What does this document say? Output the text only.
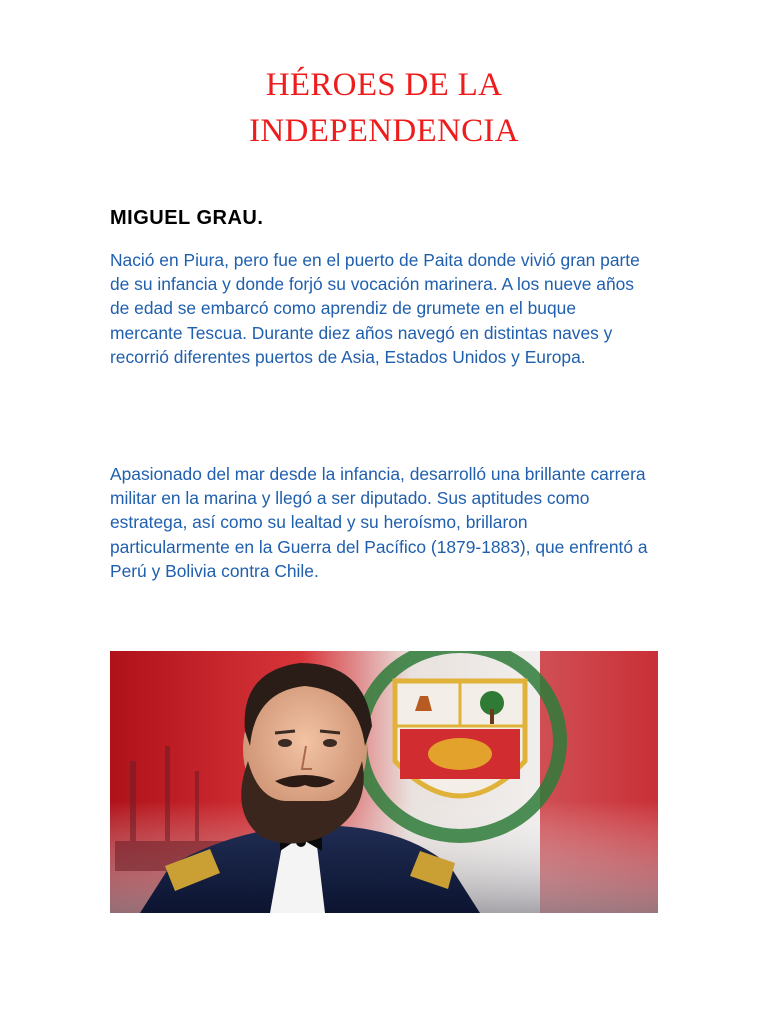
HÉROES DE LA
INDEPENDENCIA
MIGUEL GRAU.

Nació en Piura, pero fue en el puerto de Paita donde vivió gran parte de su infancia y donde forjó su vocación marinera. A los nueve años de edad se embarcó como aprendiz de grumete en el buque mercante Tescua. Durante diez años navegó en distintas naves y recorrió diferentes puertos de Asia, Estados Unidos y Europa.

Apasionado del mar desde la infancia, desarrolló una brillante carrera militar en la marina y llegó a ser diputado. Sus aptitudes como estratega, así como su lealtad y su heroísmo, brillaron particularmente en la Guerra del Pacífico (1879-1883), que enfrentó a Perú y Bolivia contra Chile.
